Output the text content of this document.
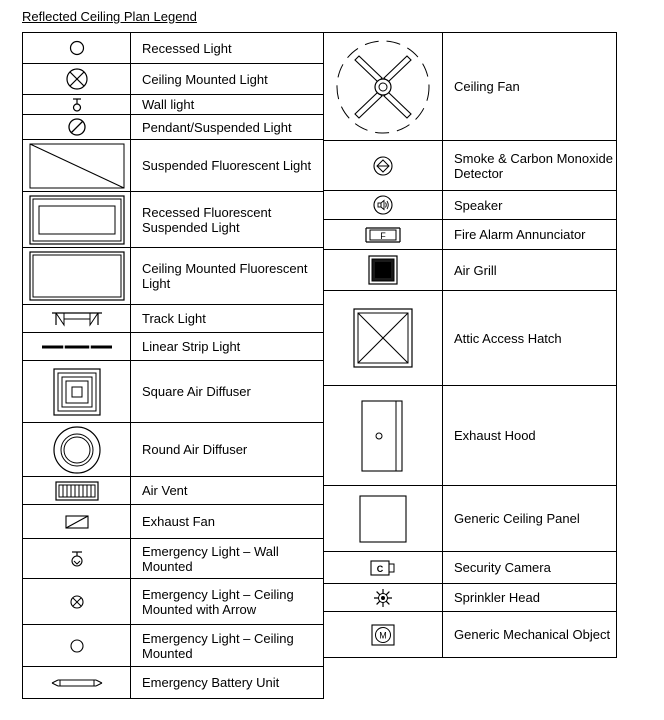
Reflected Ceiling Plan Legend
	Recessed Light

	Ceiling Mounted Light

	Wall light

	Pendant/Suspended Light

	Suspended Fluorescent Light

	Recessed Fluorescent Suspended Light

	Ceiling Mounted Fluorescent Light

	Track Light

	Linear Strip Light

	Square Air Diffuser

	Round Air Diffuser

	Air Vent

	Exhaust Fan

	Emergency Light – Wall Mounted

	Emergency Light – Ceiling Mounted with Arrow

	Emergency Light – Ceiling Mounted

	Emergency Battery Unit
	Ceiling Fan

	Smoke & Carbon Monoxide Detector

	Speaker

F	Fire Alarm Annunciator

	Air Grill

	Attic Access Hatch

	Exhaust Hood

	Generic Ceiling Panel

C	Security Camera

	Sprinkler Head

M	Generic Mechanical Object
